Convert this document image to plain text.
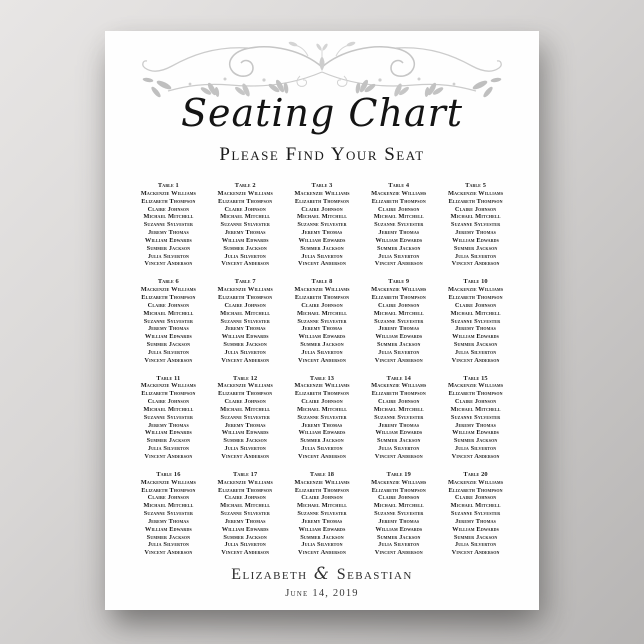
Seating Chart
Please Find Your Seat
Table 1
Mackenzie Williams
Elizabeth Thompson
Claire Johnson
Michael Mitchell
Suzanne Sylvester
Jeremy Thomas
William Edwards
Summer Jackson
Julia Silverton
Vincent Anderson
Table 2
Mackenzie Williams
Elizabeth Thompson
Claire Johnson
Michael Mitchell
Suzanne Sylvester
Jeremy Thomas
William Edwards
Summer Jackson
Julia Silverton
Vincent Anderson
Table 3
Mackenzie Williams
Elizabeth Thompson
Claire Johnson
Michael Mitchell
Suzanne Sylvester
Jeremy Thomas
William Edwards
Summer Jackson
Julia Silverton
Vincent Anderson
Table 4
Mackenzie Williams
Elizabeth Thompson
Claire Johnson
Michael Mitchell
Suzanne Sylvester
Jeremy Thomas
William Edwards
Summer Jackson
Julia Silverton
Vincent Anderson
Table 5
Mackenzie Williams
Elizabeth Thompson
Claire Johnson
Michael Mitchell
Suzanne Sylvester
Jeremy Thomas
William Edwards
Summer Jackson
Julia Silverton
Vincent Anderson
Table 6
Mackenzie Williams
Elizabeth Thompson
Claire Johnson
Michael Mitchell
Suzanne Sylvester
Jeremy Thomas
William Edwards
Summer Jackson
Julia Silverton
Vincent Anderson
Table 7
Mackenzie Williams
Elizabeth Thompson
Claire Johnson
Michael Mitchell
Suzanne Sylvester
Jeremy Thomas
William Edwards
Summer Jackson
Julia Silverton
Vincent Anderson
Table 8
Mackenzie Williams
Elizabeth Thompson
Claire Johnson
Michael Mitchell
Suzanne Sylvester
Jeremy Thomas
William Edwards
Summer Jackson
Julia Silverton
Vincent Anderson
Table 9
Mackenzie Williams
Elizabeth Thompson
Claire Johnson
Michael Mitchell
Suzanne Sylvester
Jeremy Thomas
William Edwards
Summer Jackson
Julia Silverton
Vincent Anderson
Table 10
Mackenzie Williams
Elizabeth Thompson
Claire Johnson
Michael Mitchell
Suzanne Sylvester
Jeremy Thomas
William Edwards
Summer Jackson
Julia Silverton
Vincent Anderson
Table 11
Mackenzie Williams
Elizabeth Thompson
Claire Johnson
Michael Mitchell
Suzanne Sylvester
Jeremy Thomas
William Edwards
Summer Jackson
Julia Silverton
Vincent Anderson
Table 12
Mackenzie Williams
Elizabeth Thompson
Claire Johnson
Michael Mitchell
Suzanne Sylvester
Jeremy Thomas
William Edwards
Summer Jackson
Julia Silverton
Vincent Anderson
Table 13
Mackenzie Williams
Elizabeth Thompson
Claire Johnson
Michael Mitchell
Suzanne Sylvester
Jeremy Thomas
William Edwards
Summer Jackson
Julia Silverton
Vincent Anderson
Table 14
Mackenzie Williams
Elizabeth Thompson
Claire Johnson
Michael Mitchell
Suzanne Sylvester
Jeremy Thomas
William Edwards
Summer Jackson
Julia Silverton
Vincent Anderson
Table 15
Mackenzie Williams
Elizabeth Thompson
Claire Johnson
Michael Mitchell
Suzanne Sylvester
Jeremy Thomas
William Edwards
Summer Jackson
Julia Silverton
Vincent Anderson
Table 16
Mackenzie Williams
Elizabeth Thompson
Claire Johnson
Michael Mitchell
Suzanne Sylvester
Jeremy Thomas
William Edwards
Summer Jackson
Julia Silverton
Vincent Anderson
Table 17
Mackenzie Williams
Elizabeth Thompson
Claire Johnson
Michael Mitchell
Suzanne Sylvester
Jeremy Thomas
William Edwards
Summer Jackson
Julia Silverton
Vincent Anderson
Table 18
Mackenzie Williams
Elizabeth Thompson
Claire Johnson
Michael Mitchell
Suzanne Sylvester
Jeremy Thomas
William Edwards
Summer Jackson
Julia Silverton
Vincent Anderson
Table 19
Mackenzie Williams
Elizabeth Thompson
Claire Johnson
Michael Mitchell
Suzanne Sylvester
Jeremy Thomas
William Edwards
Summer Jackson
Julia Silverton
Vincent Anderson
Table 20
Mackenzie Williams
Elizabeth Thompson
Claire Johnson
Michael Mitchell
Suzanne Sylvester
Jeremy Thomas
William Edwards
Summer Jackson
Julia Silverton
Vincent Anderson
Elizabeth & Sebastian
June 14, 2019
